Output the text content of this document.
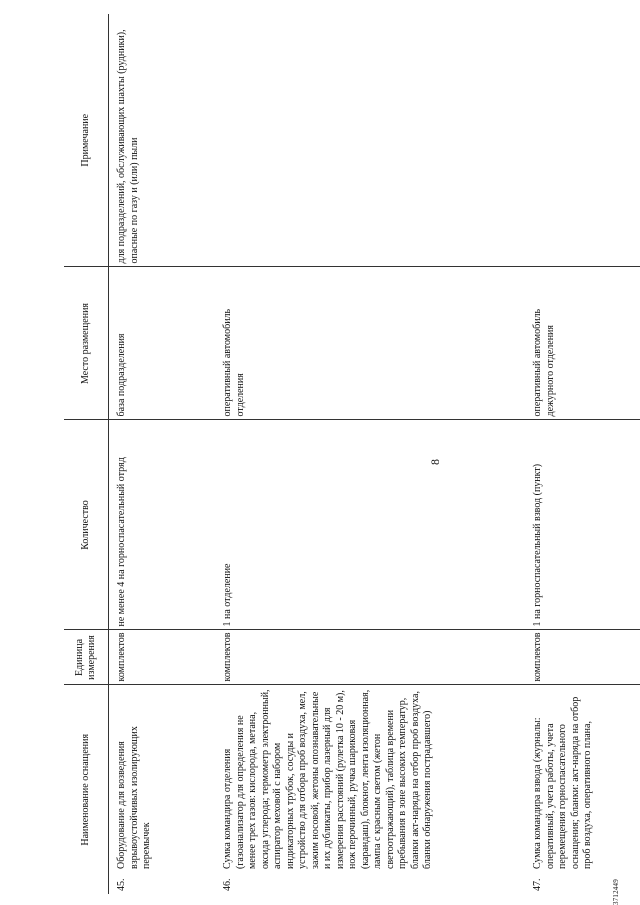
8
Наименование оснащения	Единица измерения	Количество	Место размещения	Примечание

45.	Оборудование для возведения взрывоустойчивых изолирующих перемычек
	комплектов	не менее 4 на горноспасательный отряд	база подразделения	для подразделений, обслуживающих шахты (рудники), опасные по газу и (или) пыли

46.	Сумка командира отделения (газоанализатор для определения не менее трех газов: кислорода, метана, оксида углерода; термометр электронный, аспиратор меховой с набором индикаторных трубок, сосуды и устройство для отбора проб воздуха, мел, зажим носовой, жетоны опознавательные и их дубликаты, прибор лазерный для измерения расстояний (рулетка 10 - 20 м), нож перочинный, ручка шариковая (карандаш), блокнот, лента изоляционная, лампа с красным светом (жетон светоотражающий), таблица времени пребывания в зоне высоких температур, бланки акт-наряда на отбор проб воздуха, бланки обнаружения пострадавшего)
	комплектов	1 на отделение	оперативный автомобиль отделения	

47.	Сумка командира взвода (журналы: оперативный, учета работы, учета перемещения горноспасательного оснащения; бланки: акт-наряда на отбор проб воздуха, оперативного плана,
	комплектов	1 на горноспасательный взвод (пункт)	оперативный автомобиль дежурного отделения	
3712449
